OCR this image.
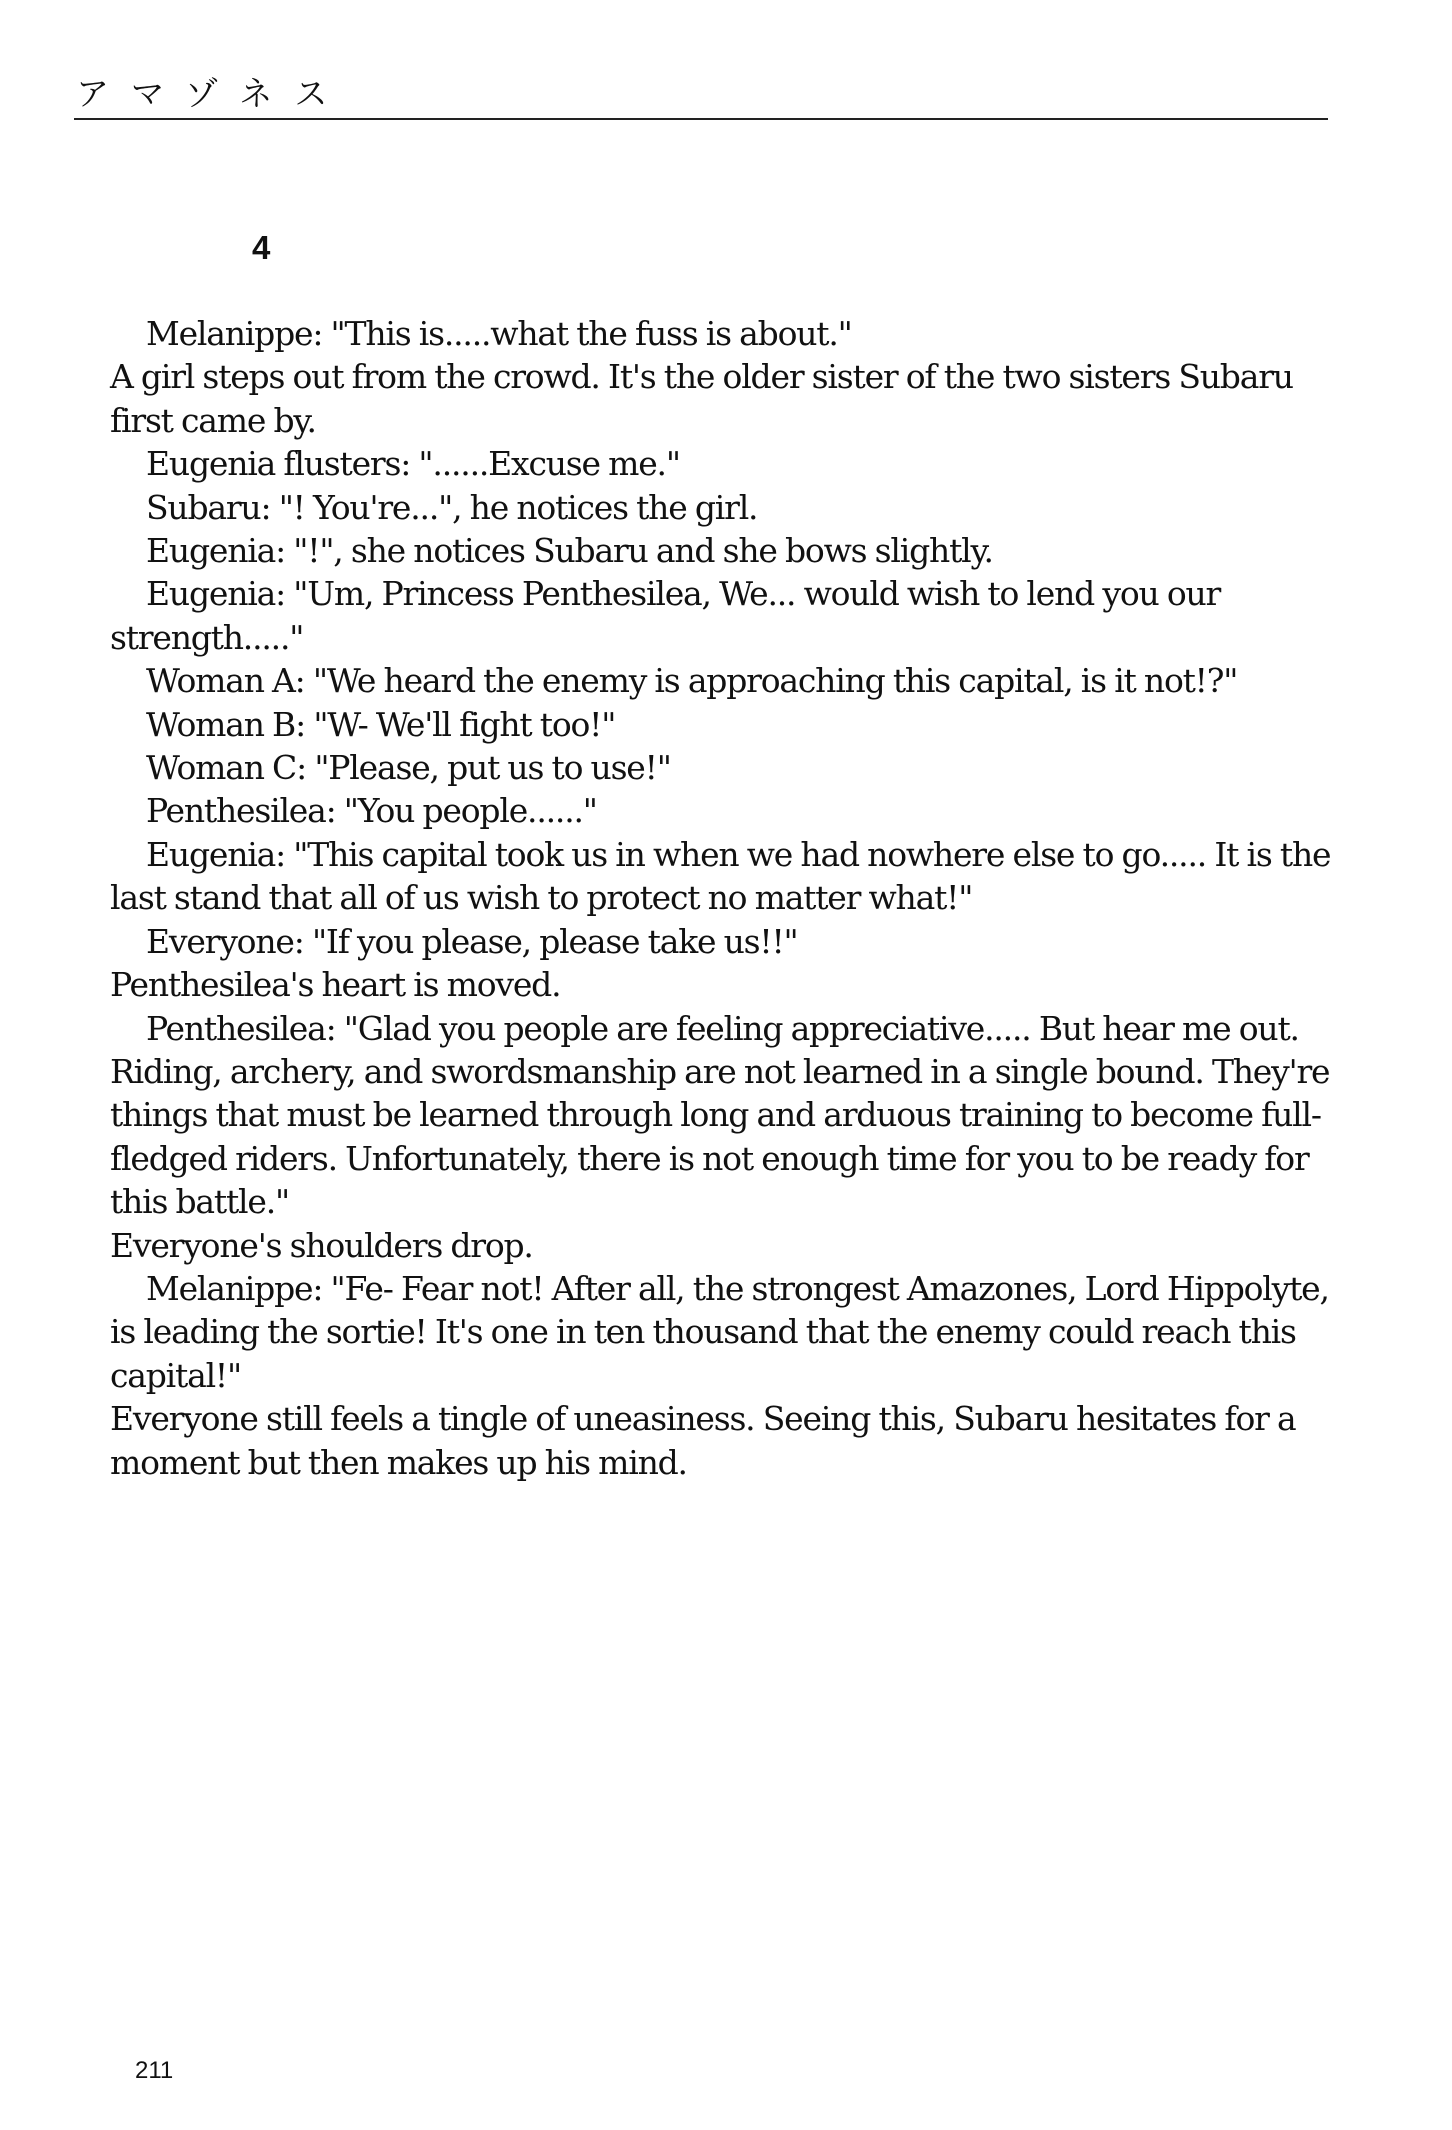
アマゾネス
4

Melanippe: "This is.....what the fuss is about."

A girl steps out from the crowd. It's the older sister of the two sisters Subaru first came by.

Eugenia flusters: "......Excuse me."

Subaru: "! You're...", he notices the girl.

Eugenia: "!", she notices Subaru and she bows slightly.

Eugenia: "Um, Princess Penthesilea, We... would wish to lend you our strength....."

Woman A: "We heard the enemy is approaching this capital, is it not!?"

Woman B: "W- We'll fight too!"

Woman C: "Please, put us to use!"

Penthesilea: "You people......"

Eugenia: "This capital took us in when we had nowhere else to go..... It is the last stand that all of us wish to protect no matter what!"

Everyone: "If you please, please take us!!"

Penthesilea's heart is moved.

Penthesilea: "Glad you people are feeling appreciative..... But hear me out. Riding, archery, and swordsmanship are not learned in a single bound. They're things that must be learned through long and arduous training to become full-fledged riders. Unfortunately, there is not enough time for you to be ready for this battle."

Everyone's shoulders drop.

Melanippe: "Fe- Fear not! After all, the strongest Amazones, Lord Hippolyte, is leading the sortie! It's one in ten thousand that the enemy could reach this capital!"

Everyone still feels a tingle of uneasiness. Seeing this, Subaru hesitates for a moment but then makes up his mind.

211
